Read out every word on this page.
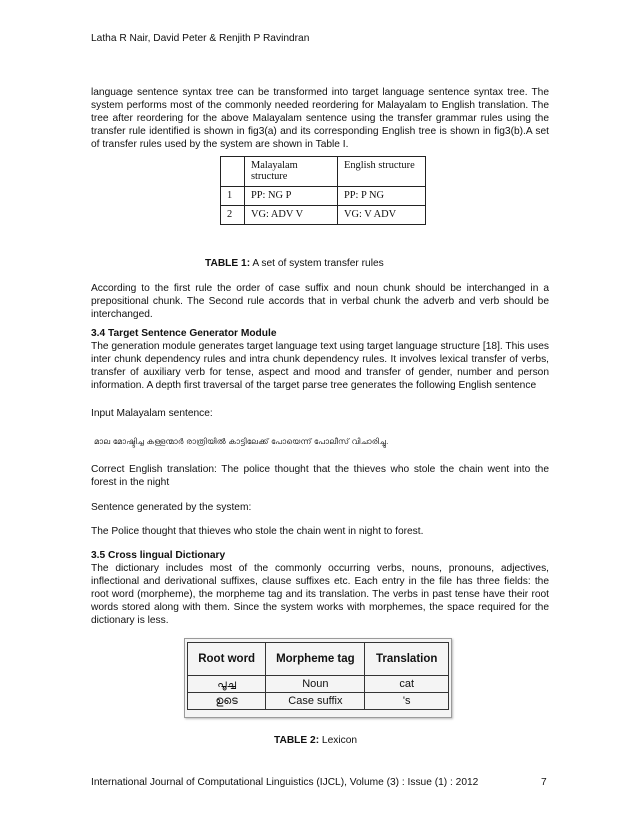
Latha R Nair, David Peter & Renjith P Ravindran

language sentence syntax tree can be transformed into target language sentence syntax tree. The system performs most of the commonly needed reordering for Malayalam to English translation. The tree after reordering for the above Malayalam sentence using the transfer grammar rules using the transfer rule identified is shown in fig3(a) and its corresponding English tree is shown in fig3(b).A set of transfer rules used by the system are shown in Table I.

	Malayalam structure	English structure
1	PP: NG P	PP: P NG
2	VG: ADV V	VG: V ADV
TABLE 1: A set of system transfer rules

According to the first rule the order of case suffix and noun chunk should be interchanged in a prepositional chunk. The Second rule accords that in verbal chunk the adverb and verb should be interchanged.

3.4 Target Sentence Generator Module

The generation module generates target language text using target language structure [18]. This uses inter chunk dependency rules and intra chunk dependency rules. It involves lexical transfer of verbs, transfer of auxiliary verb for tense, aspect and mood and transfer of gender, number and person information. A depth first traversal of the target parse tree generates the following English sentence

Input Malayalam sentence:

മാല മോഷ്ടിച്ച കള്ളന്മാർ രാത്രിയിൽ കാട്ടിലേക്ക് പോയെന്ന് പോലീസ് വിചാരിച്ചു.

Correct English translation: The police thought that the thieves who stole the chain went into the forest in the night

Sentence generated by the system:

The Police thought that thieves who stole the chain went in night to forest.

3.5 Cross lingual Dictionary

The dictionary includes most of the commonly occurring verbs, nouns, pronouns, adjectives, inflectional and derivational suffixes, clause suffixes etc. Each entry in the file has three fields: the root word (morpheme), the morpheme tag and its translation. The verbs in past tense have their root words stored along with them. Since the system works with morphemes, the space required for the dictionary is less.

Root word	Morpheme tag	Translation
പൂച്ച	Noun	cat
ഉടെ	Case suffix	's
TABLE 2: Lexicon
International Journal of Computational Linguistics (IJCL), Volume (3) : Issue (1) : 2012	7
